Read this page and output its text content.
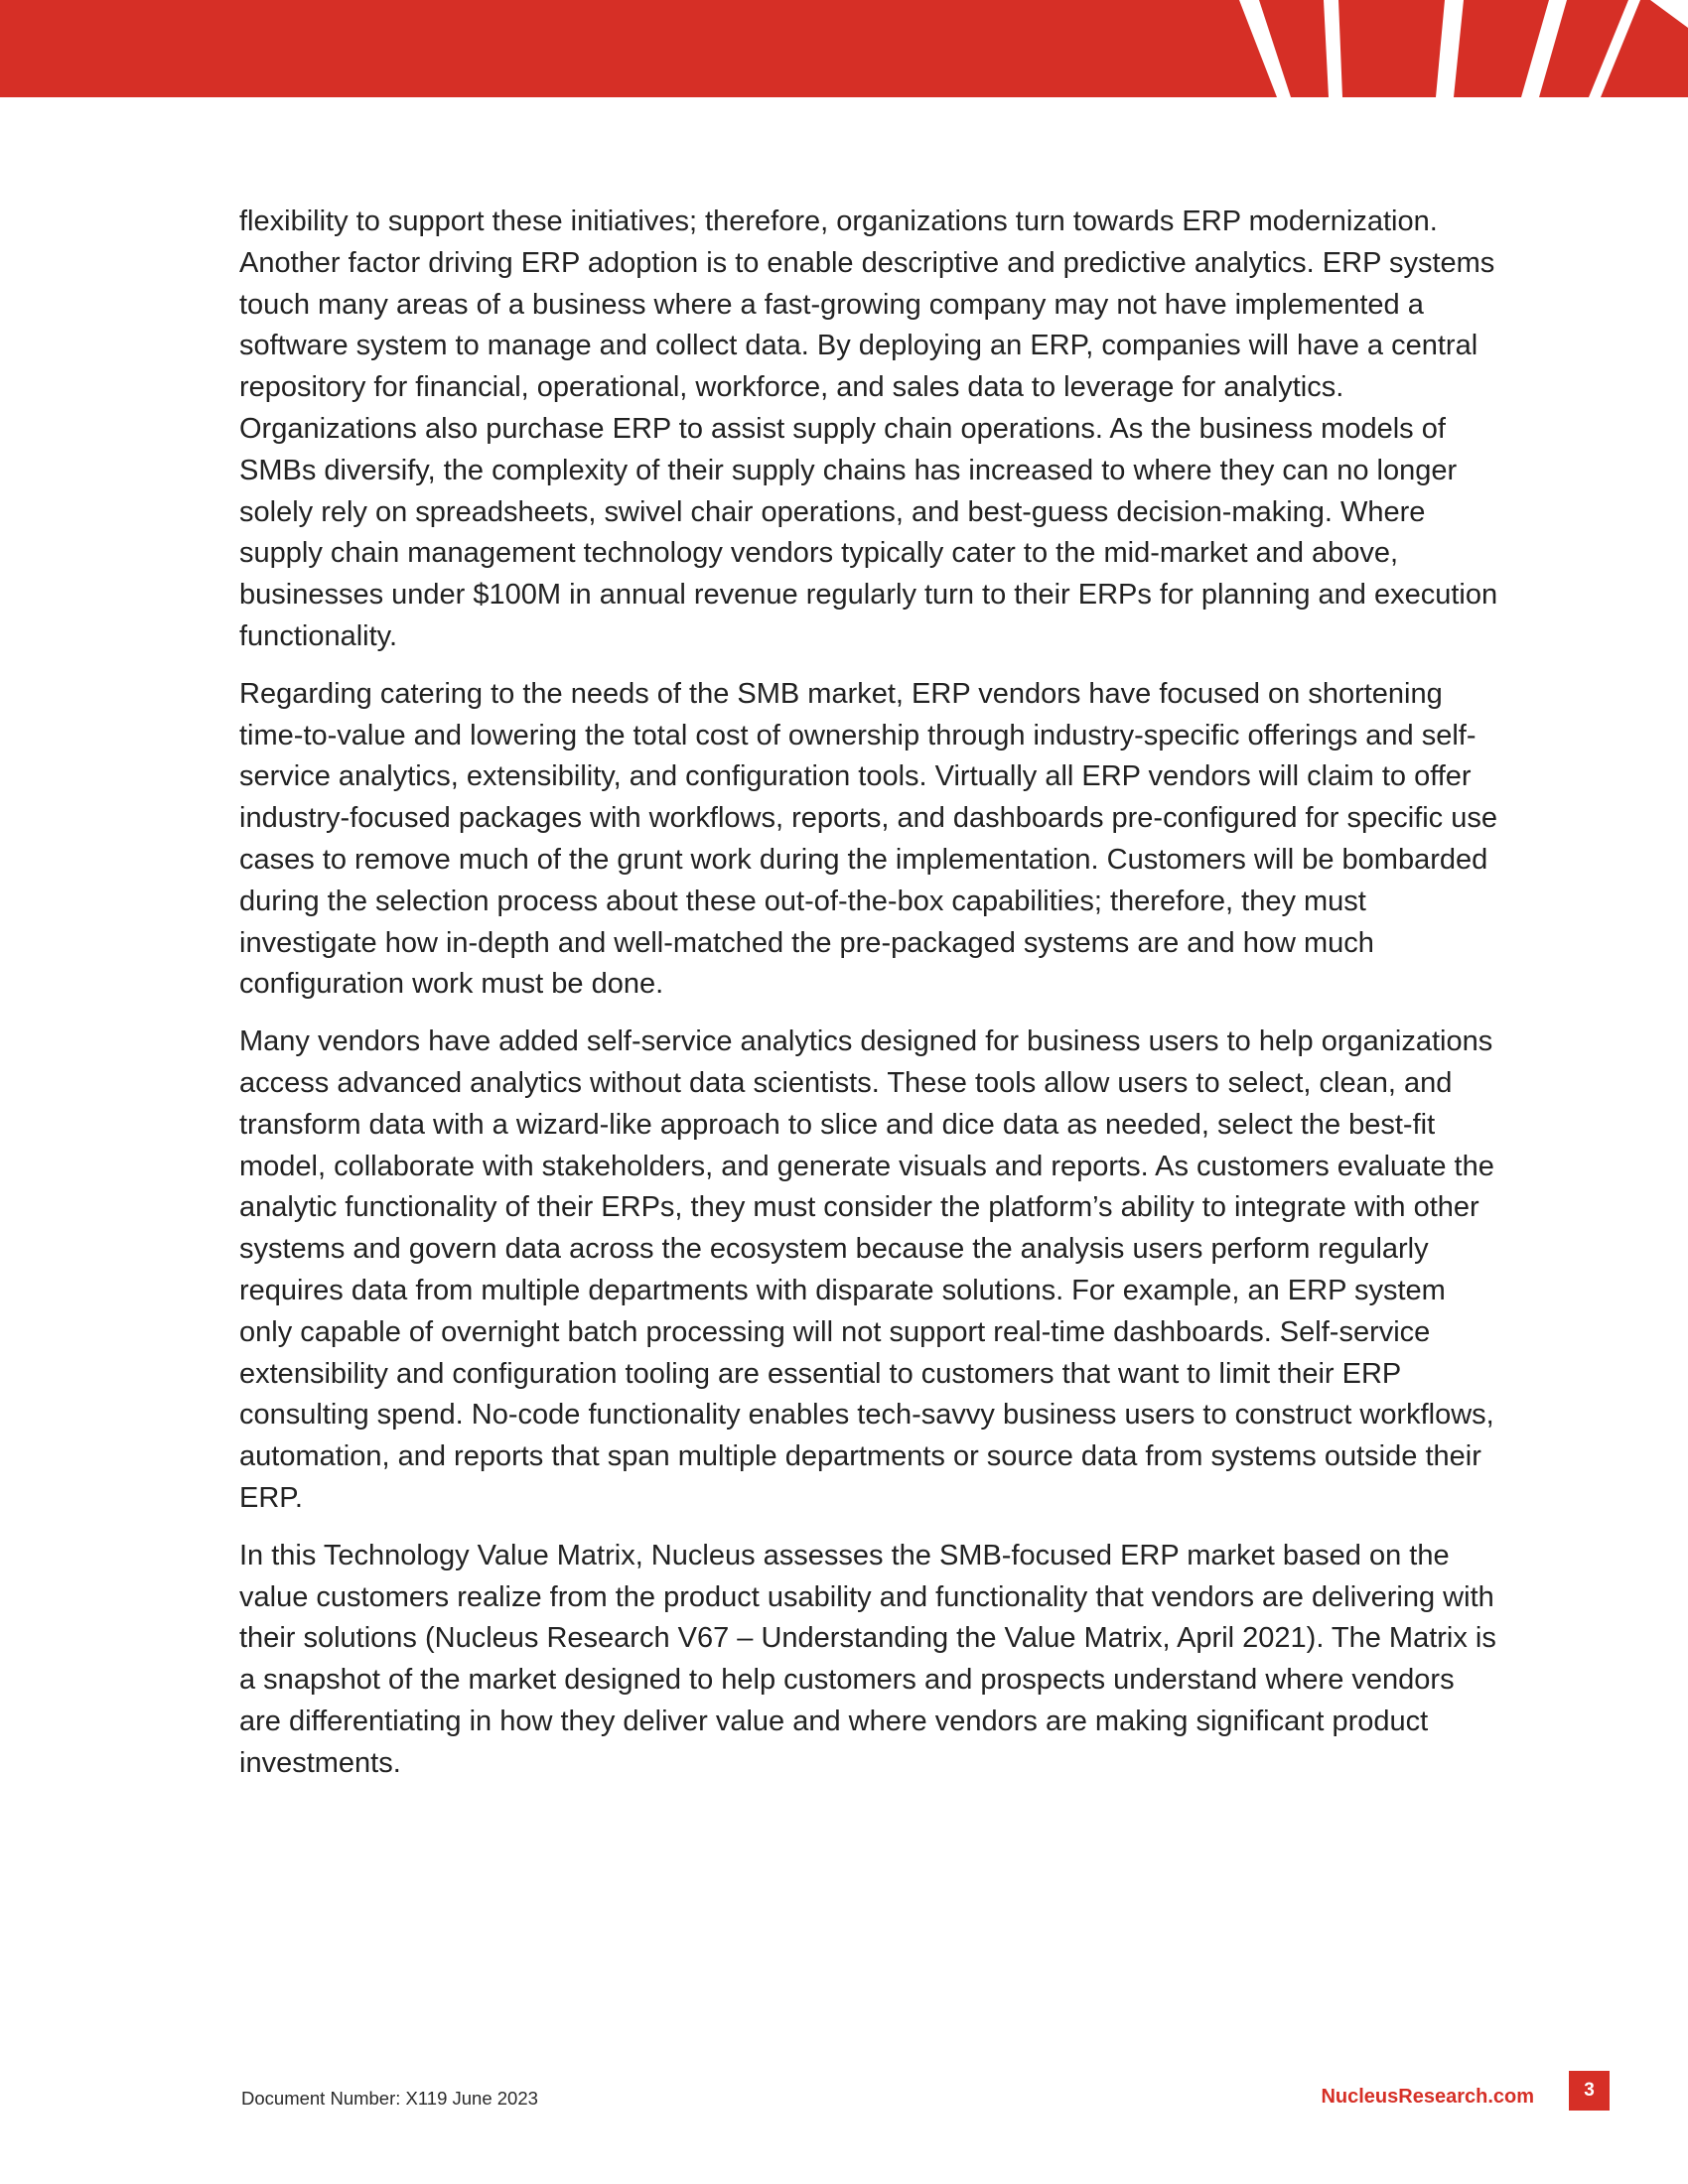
flexibility to support these initiatives; therefore, organizations turn towards ERP modernization. Another factor driving ERP adoption is to enable descriptive and predictive analytics. ERP systems touch many areas of a business where a fast-growing company may not have implemented a software system to manage and collect data. By deploying an ERP, companies will have a central repository for financial, operational, workforce, and sales data to leverage for analytics. Organizations also purchase ERP to assist supply chain operations. As the business models of SMBs diversify, the complexity of their supply chains has increased to where they can no longer solely rely on spreadsheets, swivel chair operations, and best-guess decision-making. Where supply chain management technology vendors typically cater to the mid-market and above, businesses under $100M in annual revenue regularly turn to their ERPs for planning and execution functionality.

Regarding catering to the needs of the SMB market, ERP vendors have focused on shortening time-to-value and lowering the total cost of ownership through industry-specific offerings and self-service analytics, extensibility, and configuration tools. Virtually all ERP vendors will claim to offer industry-focused packages with workflows, reports, and dashboards pre-configured for specific use cases to remove much of the grunt work during the implementation. Customers will be bombarded during the selection process about these out-of-the-box capabilities; therefore, they must investigate how in-depth and well-matched the pre-packaged systems are and how much configuration work must be done.

Many vendors have added self-service analytics designed for business users to help organizations access advanced analytics without data scientists. These tools allow users to select, clean, and transform data with a wizard-like approach to slice and dice data as needed, select the best-fit model, collaborate with stakeholders, and generate visuals and reports. As customers evaluate the analytic functionality of their ERPs, they must consider the platform’s ability to integrate with other systems and govern data across the ecosystem because the analysis users perform regularly requires data from multiple departments with disparate solutions. For example, an ERP system only capable of overnight batch processing will not support real-time dashboards. Self-service extensibility and configuration tooling are essential to customers that want to limit their ERP consulting spend. No-code functionality enables tech-savvy business users to construct workflows, automation, and reports that span multiple departments or source data from systems outside their ERP.

In this Technology Value Matrix, Nucleus assesses the SMB-focused ERP market based on the value customers realize from the product usability and functionality that vendors are delivering with their solutions (Nucleus Research V67 – Understanding the Value Matrix, April 2021). The Matrix is a snapshot of the market designed to help customers and prospects understand where vendors are differentiating in how they deliver value and where vendors are making significant product investments.

Document Number: X119 June 2023	NucleusResearch.com	3
